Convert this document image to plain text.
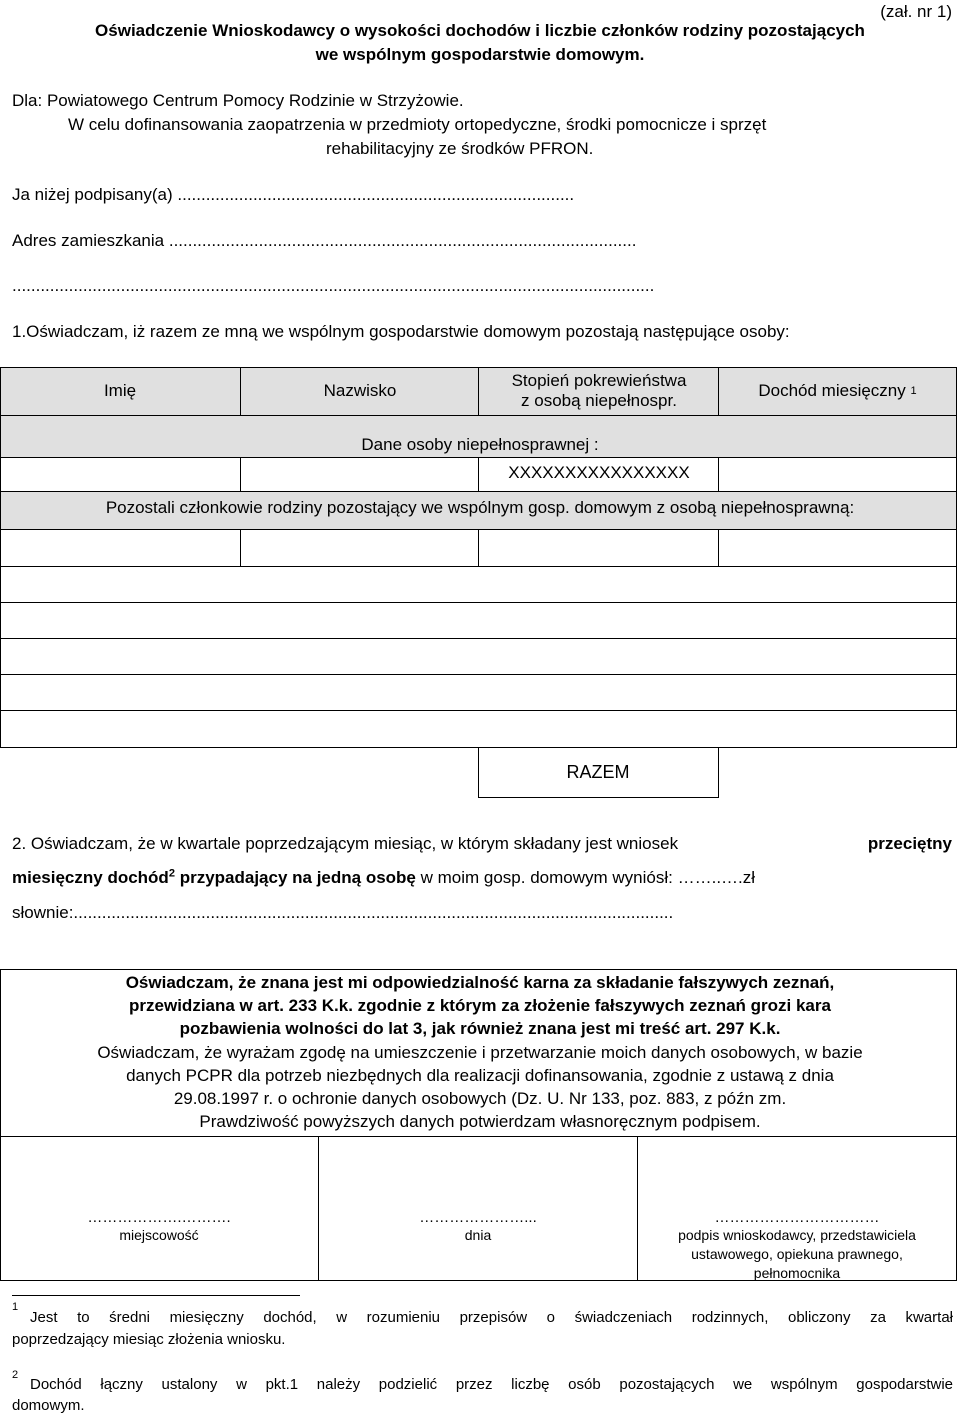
(zał. nr 1)
Oświadczenie Wnioskodawcy o wysokości dochodów i liczbie członków rodziny pozostających
we wspólnym gospodarstwie domowym.
Dla: Powiatowego Centrum Pomocy Rodzinie w Strzyżowie.
W celu dofinansowania zaopatrzenia w przedmioty ortopedyczne, środki pomocnicze i sprzęt
rehabilitacyjny ze środków PFRON.
Ja niżej podpisany(a) ....................................................................................
Adres zamieszkania ...................................................................................................
........................................................................................................................................
1.Oświadczam, iż razem ze mną we wspólnym gospodarstwie domowym pozostają następujące osoby:
Imię	Nazwisko
Stopień pokrewieństwa
z osobą niepełnospr.
Dochód miesięczny
1
Dane osoby niepełnosprawnej :
XXXXXXXXXXXXXXXX
Pozostali członkowie rodziny pozostający we wspólnym gosp. domowym z osobą niepełnosprawną:
RAZEM
2. Oświadczam, że w kwartale poprzedzającym miesiąc, w którym składany jest wniosek	przeciętny
miesięczny dochód$^2$ przypadający na jedną osobę w moim gosp. domowym wyniósł: ……..….zł
słownie:...............................................................................................................................
Oświadczam, że znana jest mi odpowiedzialność karna za składanie fałszywych zeznań,
przewidziana w art. 233 K.k. zgodnie z którym za złożenie fałszywych zeznań grozi kara
pozbawienia wolności do lat 3, jak również znana jest mi treść art. 297 K.k.
Oświadczam, że wyrażam zgodę na umieszczenie i przetwarzanie moich danych osobowych, w bazie
danych PCPR dla potrzeb niezbędnych dla realizacji dofinansowania, zgodnie z ustawą z dnia
29.08.1997 r. o ochronie danych osobowych (Dz. U. Nr 133, poz. 883, z późn zm.
Prawdziwość powyższych danych potwierdzam własnoręcznym podpisem.
……………….……….
miejscowość
…………………...
dnia
……………………………
podpis wnioskodawcy, przedstawiciela
ustawowego, opiekuna prawnego,
pełnomocnika
1
Jest to średni miesięczny dochód, w rozumieniu przepisów o świadczeniach rodzinnych, obliczony za kwartał
poprzedzający miesiąc złożenia wniosku.
2
Dochód łączny ustalony w pkt.1 należy podzielić przez liczbę osób pozostających we wspólnym gospodarstwie
domowym.
